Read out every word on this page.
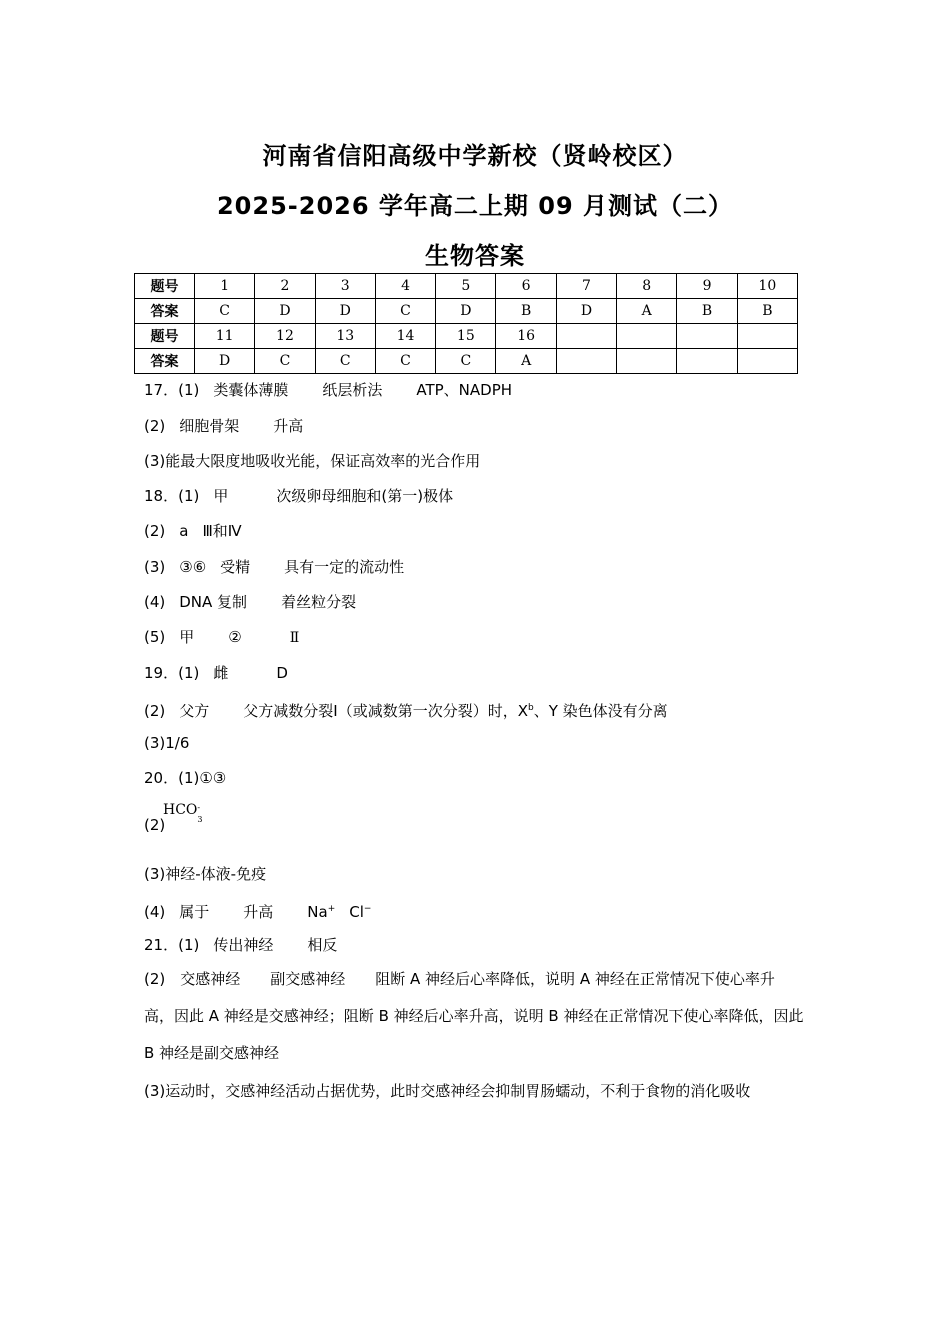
河南省信阳高级中学新校（贤岭校区）
2025-2026 学年高二上期 09 月测试（二）
生物答案
题号	1	2	3	4	5	6	7	8	9	10
答案	C	D	D	C	D	B	D	A	B	B
题号	11	12	13	14	15	16				
答案	D	C	C	C	C	A				
17．(1) 类囊体薄膜 纸层析法 ATP、NADPH
(2) 细胞骨架 升高
(3)能最大限度地吸收光能，保证高效率的光合作用
18．(1) 甲	次级卵母细胞和(第一)极体
(2) a Ⅲ和Ⅳ
(3) ③⑥ 受精 具有一定的流动性
(4) DNA 复制 着丝粒分裂
(5) 甲 ②	Ⅱ
19．(1) 雌	D
(2) 父方 父方减数分裂Ⅰ（或减数第一次分裂）时，$X^b$、Y 染色体没有分离
(3)1/6
20．(1)①③
(2)
HCO -
3
(3)神经-体液-免疫
(4) 属于 升高 Na+ Cl−
21．(1) 传出神经 相反
(2)　交感神经　　副交感神经　　阻断 A 神经后心率降低，说明 A 神经在正常情况下使心率升高，因此 A 神经是交感神经；阻断 B 神经后心率升高，说明 B 神经在正常情况下使心率降低，因此 B 神经是副交感神经
(3)运动时，交感神经活动占据优势，此时交感神经会抑制胃肠蠕动，不利于食物的消化吸收
